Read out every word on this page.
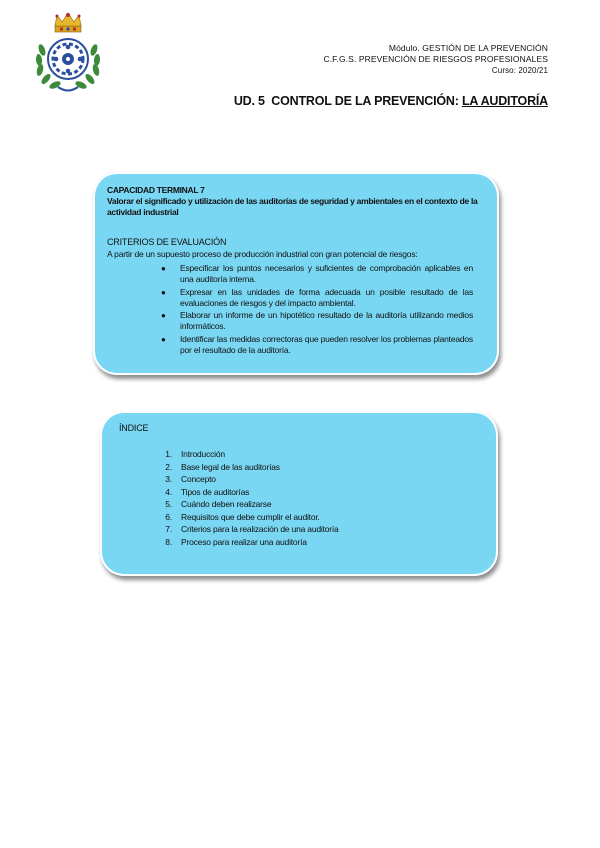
Módulo. GESTIÓN DE LA PREVENCIÓN
C.F.G.S. PREVENCIÓN DE RIESGOS PROFESIONALES
Curso: 2020/21
UD. 5  CONTROL DE LA PREVENCIÓN: LA AUDITORÍA
CAPACIDAD TERMINAL 7
Valorar el significado y utilización de las auditorías de seguridad y ambientales en el contexto de la actividad industrial
CRITERIOS DE EVALUACIÓN
A partir de un supuesto proceso de producción industrial con gran potencial de riesgos:
● Especificar los puntos necesarios y suficientes de comprobación aplicables en una auditoría interna.
● Expresar en las unidades de forma adecuada un posible resultado de las evaluaciones de riesgos y del impacto ambiental.
● Elaborar un informe de un hipotético resultado de la auditoría utilizando medios informáticos.
● Identificar las medidas correctoras que pueden resolver los problemas planteados por el resultado de la auditoría.
ÍNDICE
1. Introducción
2. Base legal de las auditorías
3. Concepto
4. Tipos de auditorías
5. Cuándo deben realizarse
6. Requisitos que debe cumplir el auditor.
7. Criterios para la realización de una auditoría
8. Proceso para realizar una auditoría
